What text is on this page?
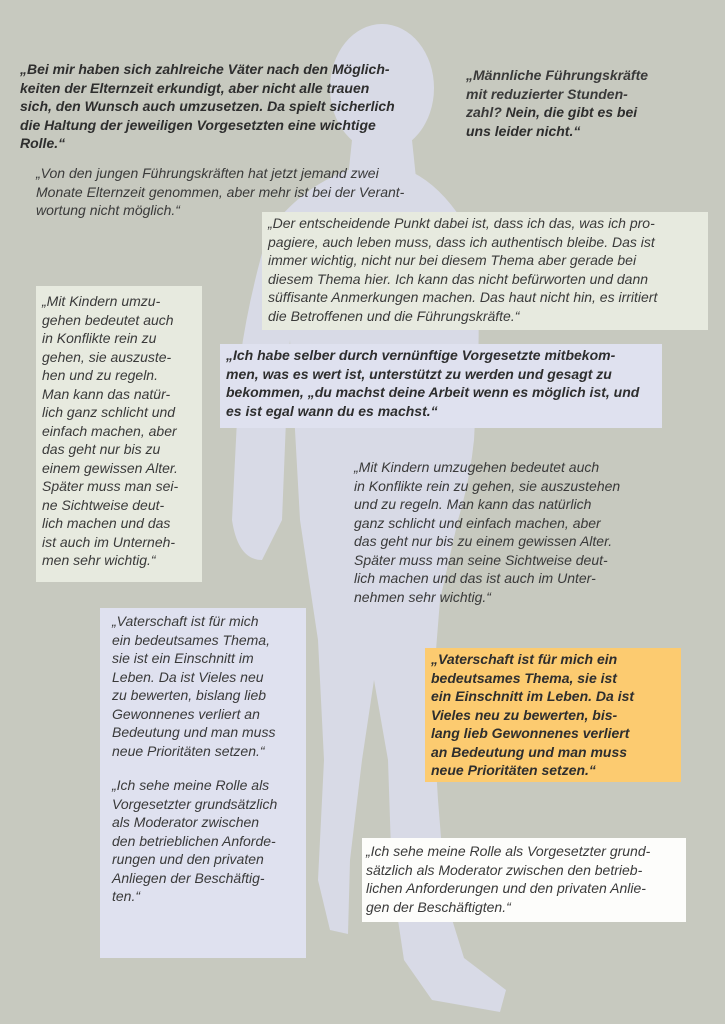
„Bei mir haben sich zahlreiche Väter nach den Möglich-
keiten der Elternzeit erkundigt, aber nicht alle trauen
sich, den Wunsch auch umzusetzen. Da spielt sicherlich
die Haltung der jeweiligen Vorgesetzten eine wichtige
Rolle.“

„Männliche Führungskräfte
mit reduzierter Stunden-
zahl? Nein, die gibt es bei
uns leider nicht.“

„Von den jungen Führungskräften hat jetzt jemand zwei
Monate Elternzeit genommen, aber mehr ist bei der Verant-
wortung nicht möglich.“

„Der entscheidende Punkt dabei ist, dass ich das, was ich pro-
pagiere, auch leben muss, dass ich authentisch bleibe. Das ist
immer wichtig, nicht nur bei diesem Thema aber gerade bei
diesem Thema hier. Ich kann das nicht befürworten und dann
süffisante Anmerkungen machen. Das haut nicht hin, es irritiert
die Betroffenen und die Führungskräfte.“

„Mit Kindern umzu-
gehen bedeutet auch
in Konflikte rein zu
gehen, sie auszuste-
hen und zu regeln.
Man kann das natür-
lich ganz schlicht und
einfach machen, aber
das geht nur bis zu
einem gewissen Alter.
Später muss man sei-
ne Sichtweise deut-
lich machen und das
ist auch im Unterneh-
men sehr wichtig.“

„Ich habe selber durch vernünftige Vorgesetzte mitbekom-
men, was es wert ist, unterstützt zu werden und gesagt zu
bekommen, „du machst deine Arbeit wenn es möglich ist, und
es ist egal wann du es machst.“

„Mit Kindern umzugehen bedeutet auch
in Konflikte rein zu gehen, sie auszustehen
und zu regeln. Man kann das natürlich
ganz schlicht und einfach machen, aber
das geht nur bis zu einem gewissen Alter.
Später muss man seine Sichtweise deut-
lich machen und das ist auch im Unter-
nehmen sehr wichtig.“

„Vaterschaft ist für mich
ein bedeutsames Thema,
sie ist ein Einschnitt im
Leben. Da ist Vieles neu
zu bewerten, bislang lieb
Gewonnenes verliert an
Bedeutung und man muss
neue Prioritäten setzen.“

„Ich sehe meine Rolle als
Vorgesetzter grundsätzlich
als Moderator zwischen
den betrieblichen Anforde-
rungen und den privaten
Anliegen der Beschäftig-
ten.“

„Vaterschaft ist für mich ein
bedeutsames Thema, sie ist
ein Einschnitt im Leben. Da ist
Vieles neu zu bewerten, bis-
lang lieb Gewonnenes verliert
an Bedeutung und man muss
neue Prioritäten setzen.“

„Ich sehe meine Rolle als Vorgesetzter grund-
sätzlich als Moderator zwischen den betrieb-
lichen Anforderungen und den privaten Anlie-
gen der Beschäftigten.“
